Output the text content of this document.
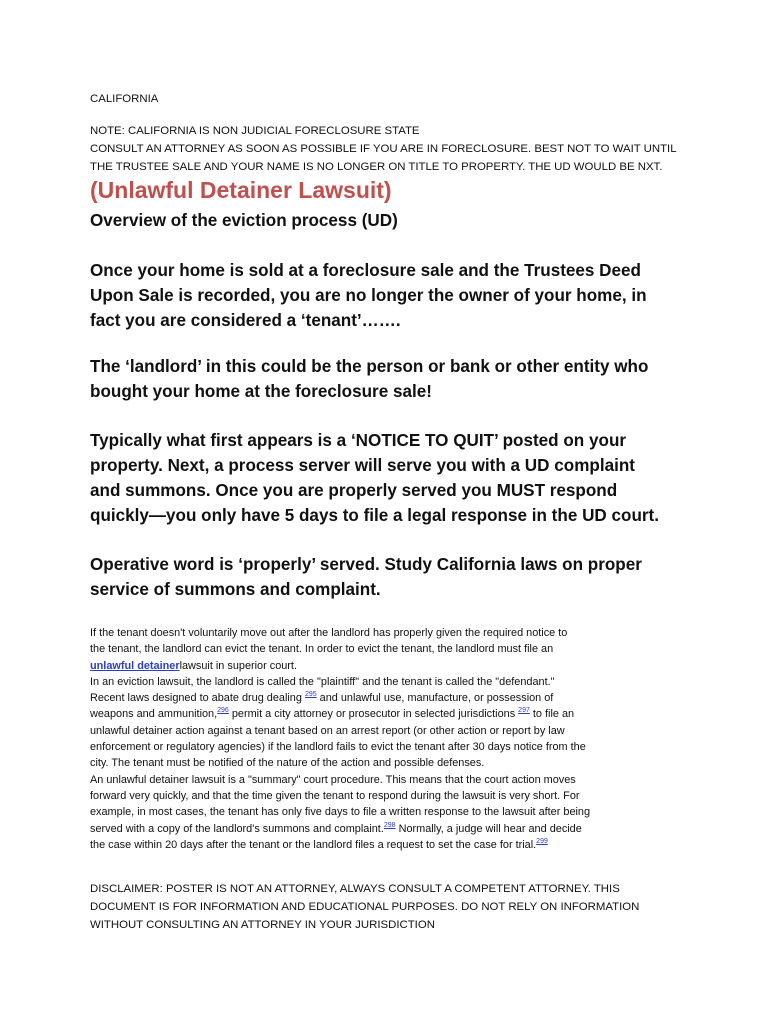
CALIFORNIA

NOTE: CALIFORNIA IS NON JUDICIAL FORECLOSURE STATE
CONSULT AN ATTORNEY AS SOON AS POSSIBLE IF YOU ARE IN FORECLOSURE. BEST NOT TO WAIT UNTIL
THE TRUSTEE SALE AND YOUR NAME IS NO LONGER ON TITLE TO PROPERTY. THE UD WOULD BE NXT.
(Unlawful Detainer Lawsuit)

Overview of the eviction process (UD)

Once your home is sold at a foreclosure sale and the Trustees Deed
Upon Sale is recorded, you are no longer the owner of your home, in
fact you are considered a ‘tenant’…….
The ‘landlord’ in this could be the person or bank or other entity who
bought your home at the foreclosure sale!
Typically what first appears is a ‘NOTICE TO QUIT’ posted on your
property. Next, a process server will serve you with a UD complaint
and summons. Once you are properly served you MUST respond
quickly—you only have 5 days to file a legal response in the UD court.
Operative word is ‘properly’ served. Study California laws on proper
service of summons and complaint.
If the tenant doesn't voluntarily move out after the landlord has properly given the required notice to
the tenant, the landlord can evict the tenant. In order to evict the tenant, the landlord must file an
unlawful detainerlawsuit in superior court.
In an eviction lawsuit, the landlord is called the "plaintiff" and the tenant is called the "defendant."
Recent laws designed to abate drug dealing $^{295}$ and unlawful use, manufacture, or possession of
weapons and ammunition,$^{296}$ permit a city attorney or prosecutor in selected jurisdictions $^{297}$ to file an
unlawful detainer action against a tenant based on an arrest report (or other action or report by law
enforcement or regulatory agencies) if the landlord fails to evict the tenant after 30 days notice from the
city. The tenant must be notified of the nature of the action and possible defenses.
An unlawful detainer lawsuit is a "summary" court procedure. This means that the court action moves
forward very quickly, and that the time given the tenant to respond during the lawsuit is very short. For
example, in most cases, the tenant has only five days to file a written response to the lawsuit after being
served with a copy of the landlord's summons and complaint.$^{298}$ Normally, a judge will hear and decide
the case within 20 days after the tenant or the landlord files a request to set the case for trial.$^{299}$
DISCLAIMER: POSTER IS NOT AN ATTORNEY, ALWAYS CONSULT A COMPETENT ATTORNEY. THIS
DOCUMENT IS FOR INFORMATION AND EDUCATIONAL PURPOSES. DO NOT RELY ON INFORMATION
WITHOUT CONSULTING AN ATTORNEY IN YOUR JURISDICTION
